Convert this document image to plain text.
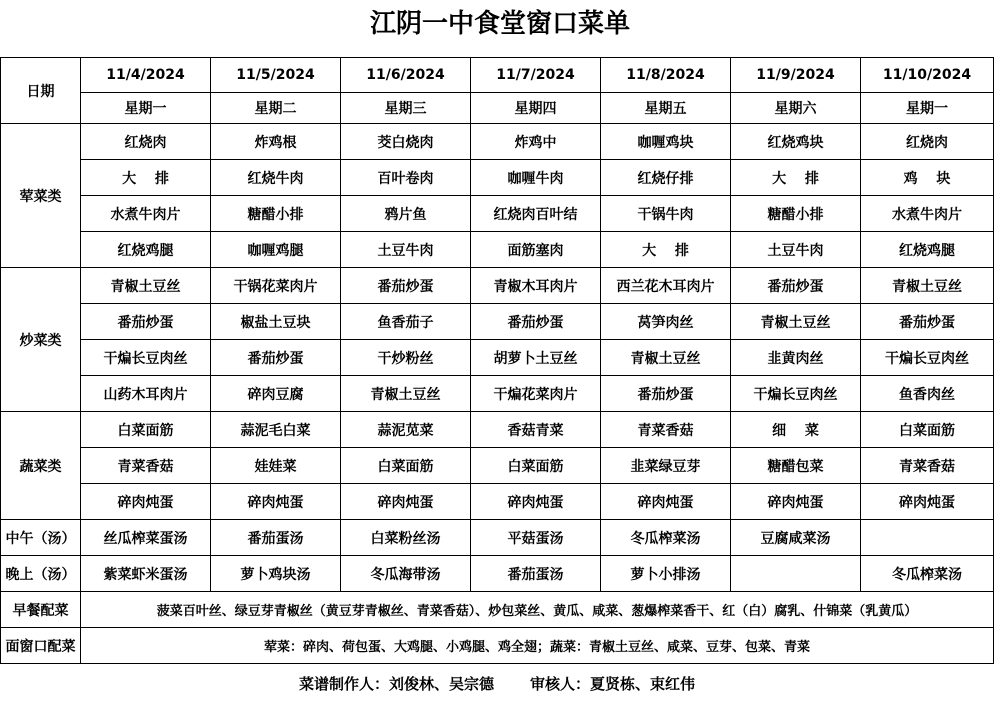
江阴一中食堂窗口菜单
日期	11/4/2024	11/5/2024	11/6/2024	11/7/2024	11/8/2024	11/9/2024	11/10/2024
	星期一	星期二	星期三	星期四	星期五	星期六	星期一
荤菜类	红烧肉	炸鸡根	茭白烧肉	炸鸡中	咖喱鸡块	红烧鸡块	红烧肉
	大　 排	红烧牛肉	百叶卷肉	咖喱牛肉	红烧仔排	大　 排	鸡　 块
	水煮牛肉片	糖醋小排	鸦片鱼	红烧肉百叶结	干锅牛肉	糖醋小排	水煮牛肉片
	红烧鸡腿	咖喱鸡腿	土豆牛肉	面筋塞肉	大　 排	土豆牛肉	红烧鸡腿
炒菜类	青椒土豆丝	干锅花菜肉片	番茄炒蛋	青椒木耳肉片	西兰花木耳肉片	番茄炒蛋	青椒土豆丝
	番茄炒蛋	椒盐土豆块	鱼香茄子	番茄炒蛋	莴笋肉丝	青椒土豆丝	番茄炒蛋
	干煸长豆肉丝	番茄炒蛋	干炒粉丝	胡萝卜土豆丝	青椒土豆丝	韭黄肉丝	干煸长豆肉丝
	山药木耳肉片	碎肉豆腐	青椒土豆丝	干煸花菜肉片	番茄炒蛋	干煸长豆肉丝	鱼香肉丝
蔬菜类	白菜面筋	蒜泥毛白菜	蒜泥苋菜	香菇青菜	青菜香菇	细　 菜	白菜面筋
	青菜香菇	娃娃菜	白菜面筋	白菜面筋	韭菜绿豆芽	糖醋包菜	青菜香菇
	碎肉炖蛋	碎肉炖蛋	碎肉炖蛋	碎肉炖蛋	碎肉炖蛋	碎肉炖蛋	碎肉炖蛋
中午（汤）	丝瓜榨菜蛋汤	番茄蛋汤	白菜粉丝汤	平菇蛋汤	冬瓜榨菜汤	豆腐咸菜汤	
晚上（汤）	紫菜虾米蛋汤	萝卜鸡块汤	冬瓜海带汤	番茄蛋汤	萝卜小排汤		冬瓜榨菜汤
早餐配菜	菠菜百叶丝、绿豆芽青椒丝（黄豆芽青椒丝、青菜香菇）、炒包菜丝、黄瓜、咸菜、葱爆榨菜香干、红（白）腐乳、什锦菜（乳黄瓜）						
面窗口配菜	荤菜：碎肉、荷包蛋、大鸡腿、小鸡腿、鸡全翅；蔬菜：青椒土豆丝、咸菜、豆芽、包菜、青菜						
菜谱制作人：刘俊林、吴宗德 审核人：夏贤栋、束红伟							
